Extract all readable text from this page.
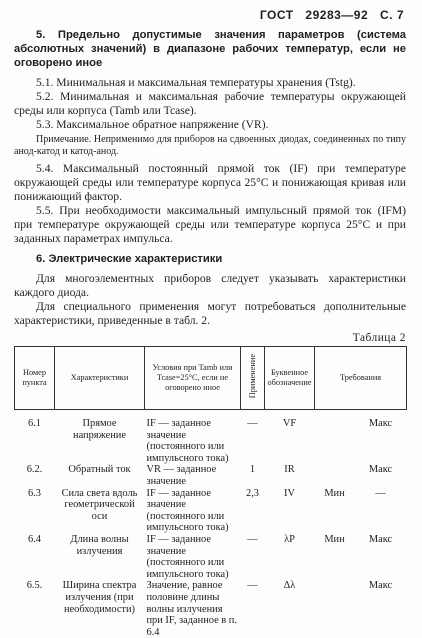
ГОСТ 29283—92 С. 7

5. Предельно допустимые значения параметров (система абсолютных значений) в диапазоне рабочих температур, если не оговорено иное

5.1. Минимальная и максимальная температуры хранения (Tstg).

5.2. Минимальная и максимальная рабочие температуры окружающей среды или корпуса (Tamb или Tcase).

5.3. Максимальное обратное напряжение (VR).

Примечание. Неприменимо для приборов на сдвоенных диодах, соединенных по типу анод-катод и катод-анод.

5.4. Максимальный постоянный прямой ток (IF) при температуре окружающей среды или температуре корпуса 25°C и понижающая кривая или понижающий фактор.

5.5. При необходимости максимальный импульсный прямой ток (IFM) при температуре окружающей среды или температуре корпуса 25°C и при заданных параметрах импульса.

6. Электрические характеристики

Для многоэлементных приборов следует указывать характеристики каждого диода.

Для специального применения могут потребоваться дополнительные характеристики, приведенные в табл. 2.

Таблица 2
Номер пункта	Характеристики	Условия при Tamb или Tcase=25°C, если не оговорено иное	Применение	Буквенное обозначение	Требования	
6.1	Прямое напряжение	IF — заданное значение (постоянного или импульсного тока)	—	VF		Макс
6.2.	Обратный ток	VR — заданное значение	1	IR		Макс
6.3	Сила света вдоль геометрической оси	IF — заданное значение (постоянного или импульсного тока)	2,3	IV	Мин	—
6.4	Длина волны излучения	IF — заданное значение (постоянного или импульсного тока)	—	λP	Мин	Макс
6.5.	Ширина спектра излучения (при необходимости)	Значение, равное половине длины волны излучения при IF, заданное в п. 6.4	—	Δλ		Макс
